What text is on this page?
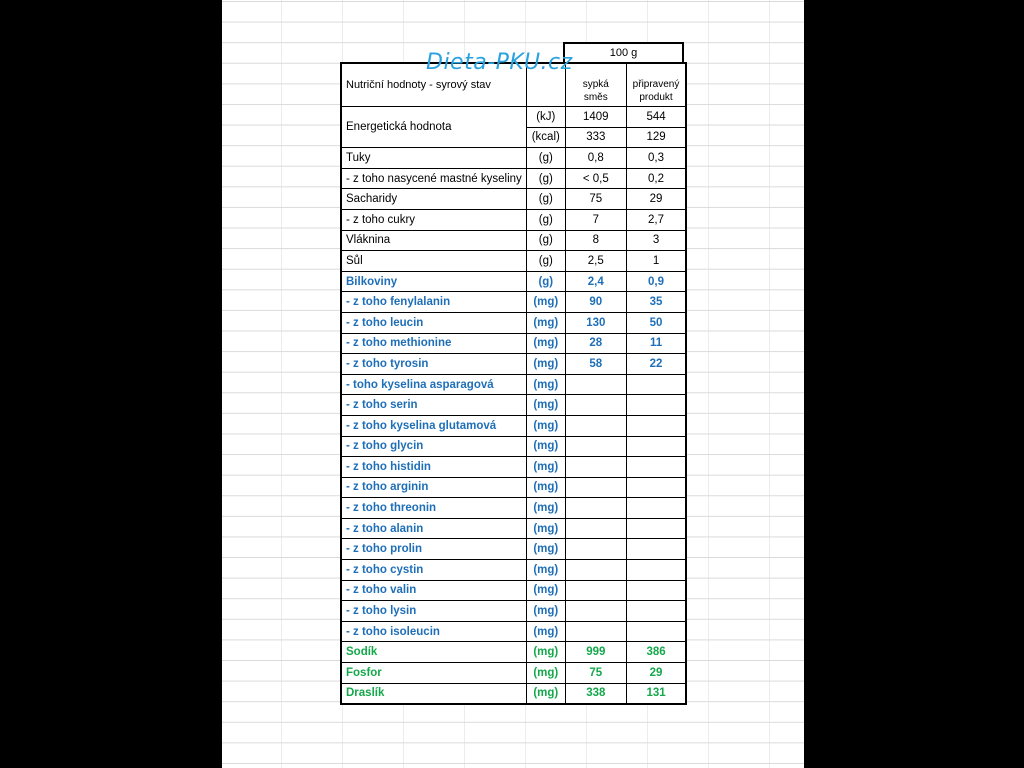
Dieta-PKU.cz	100 g
Nutriční hodnoty - syrový stav		sypká směs	připravený produkt
Energetická hodnota	(kJ)	1409	544
	(kcal)	333	129
Tuky	(g)	0,8	0,3
- z toho nasycené mastné kyseliny	(g)	< 0,5	0,2
Sacharidy	(g)	75	29
- z toho cukry	(g)	7	2,7
Vláknina	(g)	8	3
Sůl	(g)	2,5	1
Bilkoviny	(g)	2,4	0,9
- z toho fenylalanin	(mg)	90	35
- z toho leucin	(mg)	130	50
- z toho methionine	(mg)	28	11
- z toho tyrosin	(mg)	58	22
- toho kyselina asparagová	(mg)		
- z toho serin	(mg)		
- z toho kyselina glutamová	(mg)		
- z toho glycin	(mg)		
- z toho histidin	(mg)		
- z toho arginin	(mg)		
- z toho threonin	(mg)		
- z toho alanin	(mg)		
- z toho prolin	(mg)		
- z toho cystin	(mg)		
- z toho valin	(mg)		
- z toho lysin	(mg)		
- z toho isoleucin	(mg)		
Sodík	(mg)	999	386
Fosfor	(mg)	75	29
Draslík	(mg)	338	131
